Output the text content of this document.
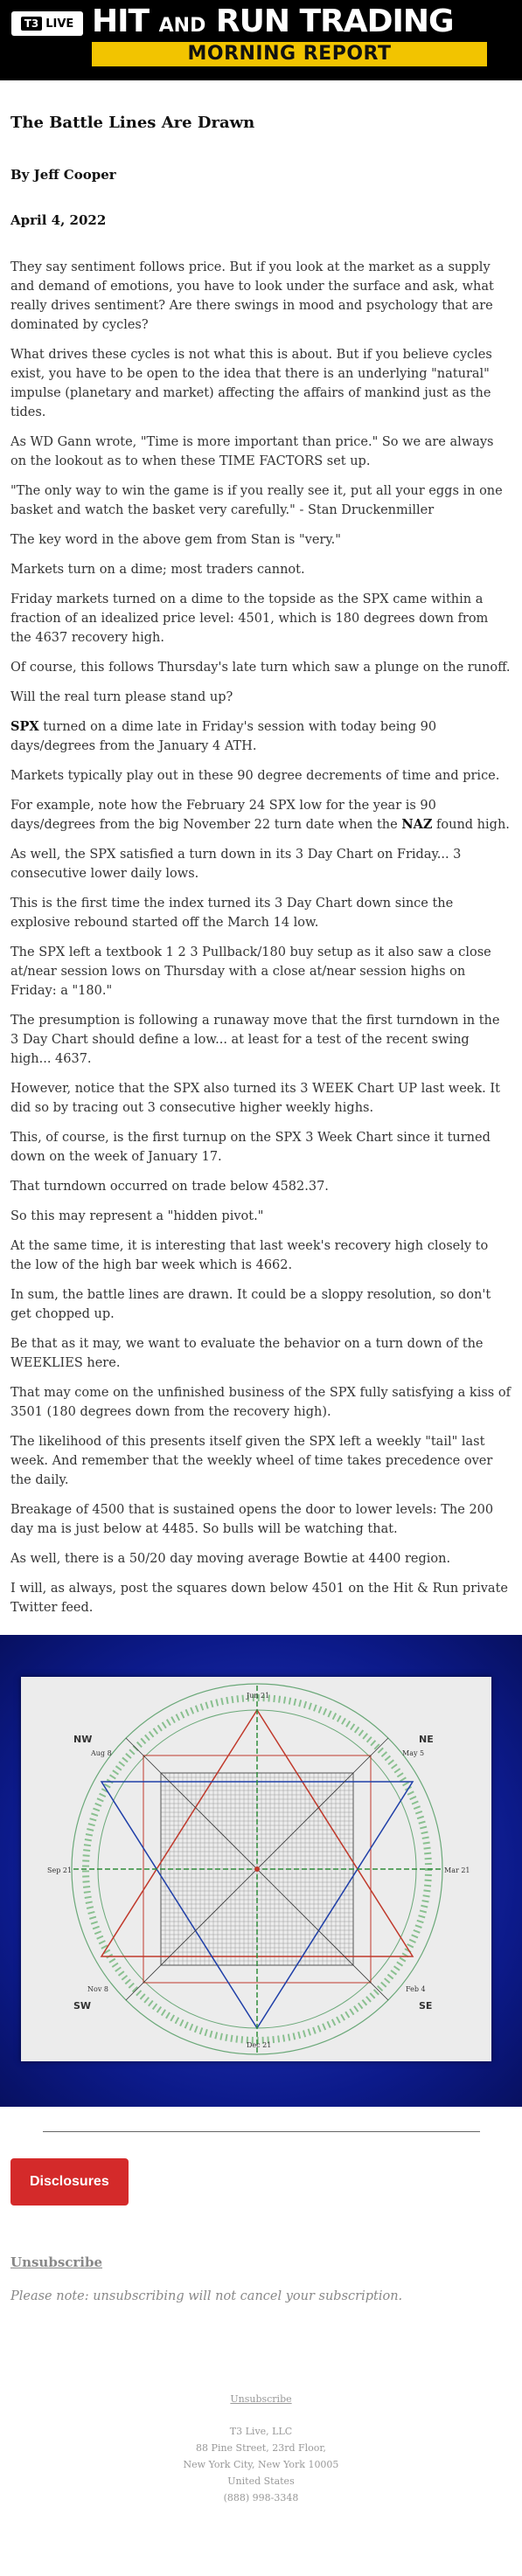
T3 LIVE HIT AND RUN TRADING
MORNING REPORT
The Battle Lines Are Drawn
By Jeff Cooper
April 4, 2022

They say sentiment follows price. But if you look at the market as a supply and demand of emotions, you have to look under the surface and ask, what really drives sentiment? Are there swings in mood and psychology that are dominated by cycles?

What drives these cycles is not what this is about. But if you believe cycles exist, you have to be open to the idea that there is an underlying "natural" impulse (planetary and market) affecting the affairs of mankind just as the tides.

As WD Gann wrote, "Time is more important than price." So we are always on the lookout as to when these TIME FACTORS set up.

"The only way to win the game is if you really see it, put all your eggs in one basket and watch the basket very carefully." - Stan Druckenmiller

The key word in the above gem from Stan is "very."

Markets turn on a dime; most traders cannot.

Friday markets turned on a dime to the topside as the SPX came within a fraction of an idealized price level: 4501, which is 180 degrees down from the 4637 recovery high.

Of course, this follows Thursday's late turn which saw a plunge on the runoff.

Will the real turn please stand up?

SPX turned on a dime late in Friday's session with today being 90 days/degrees from the January 4 ATH.

Markets typically play out in these 90 degree decrements of time and price.

For example, note how the February 24 SPX low for the year is 90 days/degrees from the big November 22 turn date when the NAZ found high.

As well, the SPX satisfied a turn down in its 3 Day Chart on Friday... 3 consecutive lower daily lows.

This is the first time the index turned its 3 Day Chart down since the explosive rebound started off the March 14 low.

The SPX left a textbook 1 2 3 Pullback/180 buy setup as it also saw a close at/near session lows on Thursday with a close at/near session highs on Friday: a "180."

The presumption is following a runaway move that the first turndown in the 3 Day Chart should define a low... at least for a test of the recent swing high... 4637.

However, notice that the SPX also turned its 3 WEEK Chart UP last week. It did so by tracing out 3 consecutive higher weekly highs.

This, of course, is the first turnup on the SPX 3 Week Chart since it turned down on the week of January 17.

That turndown occurred on trade below 4582.37.

So this may represent a "hidden pivot."

At the same time, it is interesting that last week's recovery high closely to the low of the high bar week which is 4662.

In sum, the battle lines are drawn. It could be a sloppy resolution, so don't get chopped up.

Be that as it may, we want to evaluate the behavior on a turn down of the WEEKLIES here.

That may come on the unfinished business of the SPX fully satisfying a kiss of 3501 (180 degrees down from the recovery high).

The likelihood of this presents itself given the SPX left a weekly "tail" last week. And remember that the weekly wheel of time takes precedence over the daily.

Breakage of 4500 that is sustained opens the door to lower levels: The 200 day ma is just below at 4485. So bulls will be watching that.

As well, there is a 50/20 day moving average Bowtie at 4400 region.

I will, as always, post the squares down below 4501 on the Hit & Run private Twitter feed.

NW	NE
SW	SE
Jun 21
Aug 8
Sep 21
Nov 8
Dec 21
Feb 4
Mar 21
May 5
Disclosures
Unsubscribe
Please note: unsubscribing will not cancel your subscription.
Unsubscribe
T3 Live, LLC
88 Pine Street, 23rd Floor,
New York City, New York 10005
United States
(888) 998-3348
